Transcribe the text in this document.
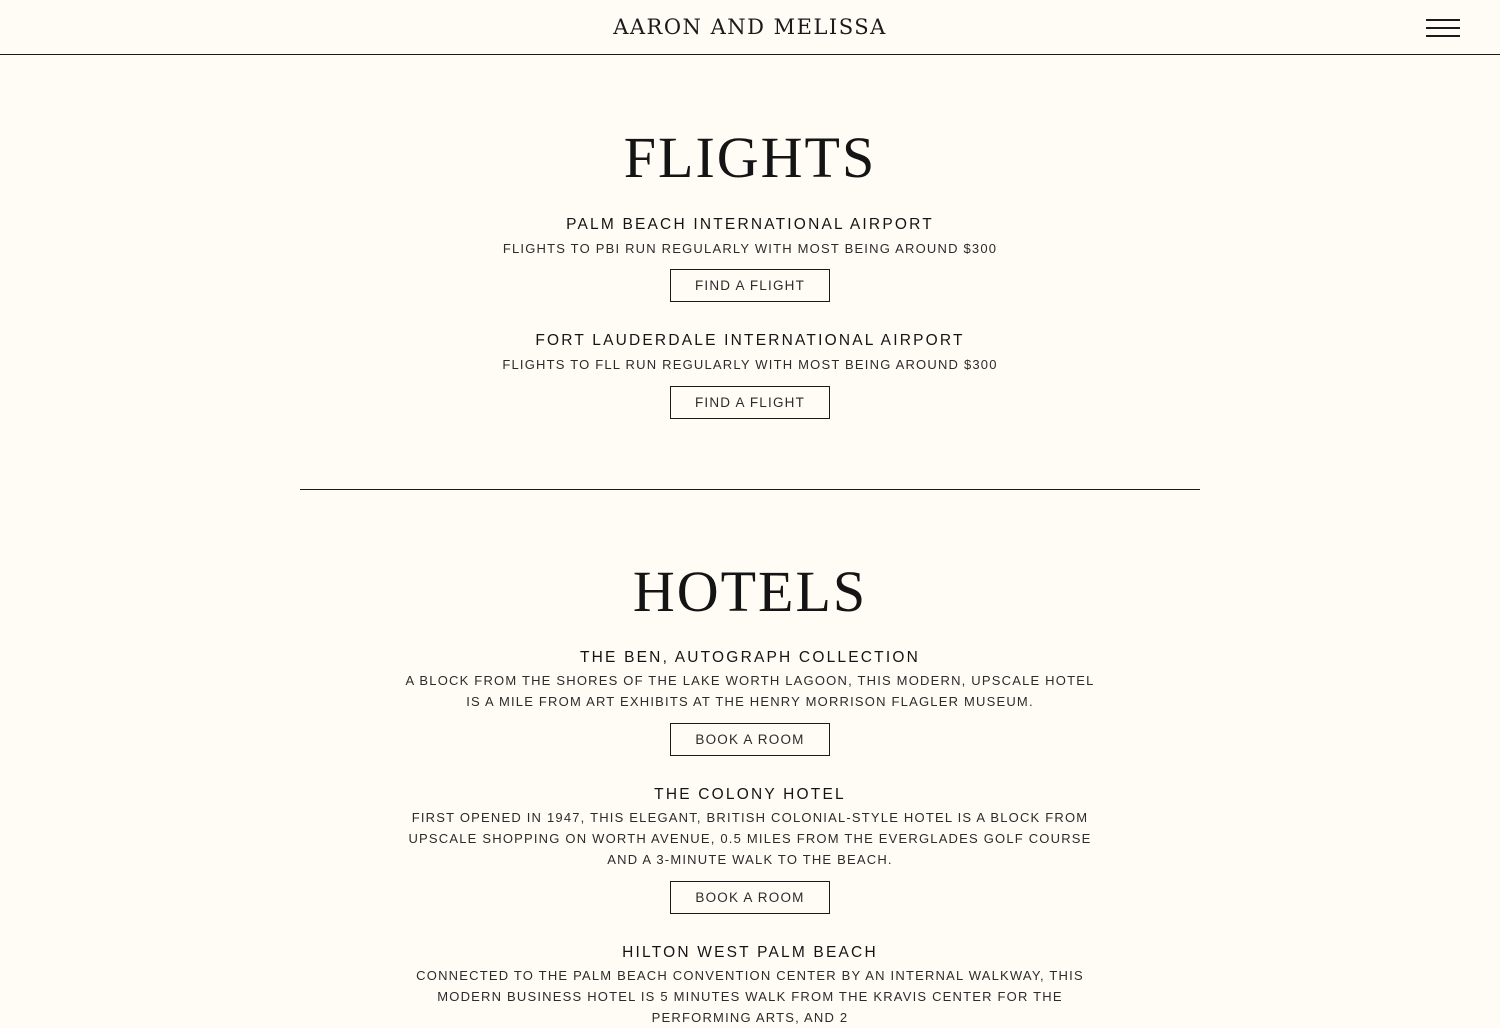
AARON AND MELISSA
FLIGHTS
PALM BEACH INTERNATIONAL AIRPORT
FLIGHTS TO PBI RUN REGULARLY WITH MOST BEING AROUND $300
FIND A FLIGHT
FORT LAUDERDALE INTERNATIONAL AIRPORT
FLIGHTS TO FLL RUN REGULARLY WITH MOST BEING AROUND $300
FIND A FLIGHT
HOTELS
THE BEN, AUTOGRAPH COLLECTION
A BLOCK FROM THE SHORES OF THE LAKE WORTH LAGOON, THIS MODERN, UPSCALE HOTEL IS A MILE FROM ART EXHIBITS AT THE HENRY MORRISON FLAGLER MUSEUM.
BOOK A ROOM
THE COLONY HOTEL
FIRST OPENED IN 1947, THIS ELEGANT, BRITISH COLONIAL-STYLE HOTEL IS A BLOCK FROM UPSCALE SHOPPING ON WORTH AVENUE, 0.5 MILES FROM THE EVERGLADES GOLF COURSE AND A 3-MINUTE WALK TO THE BEACH.
BOOK A ROOM
HILTON WEST PALM BEACH
CONNECTED TO THE PALM BEACH CONVENTION CENTER BY AN INTERNAL WALKWAY, THIS MODERN BUSINESS HOTEL IS 5 MINUTES WALK FROM THE KRAVIS CENTER FOR THE PERFORMING ARTS, AND 2
